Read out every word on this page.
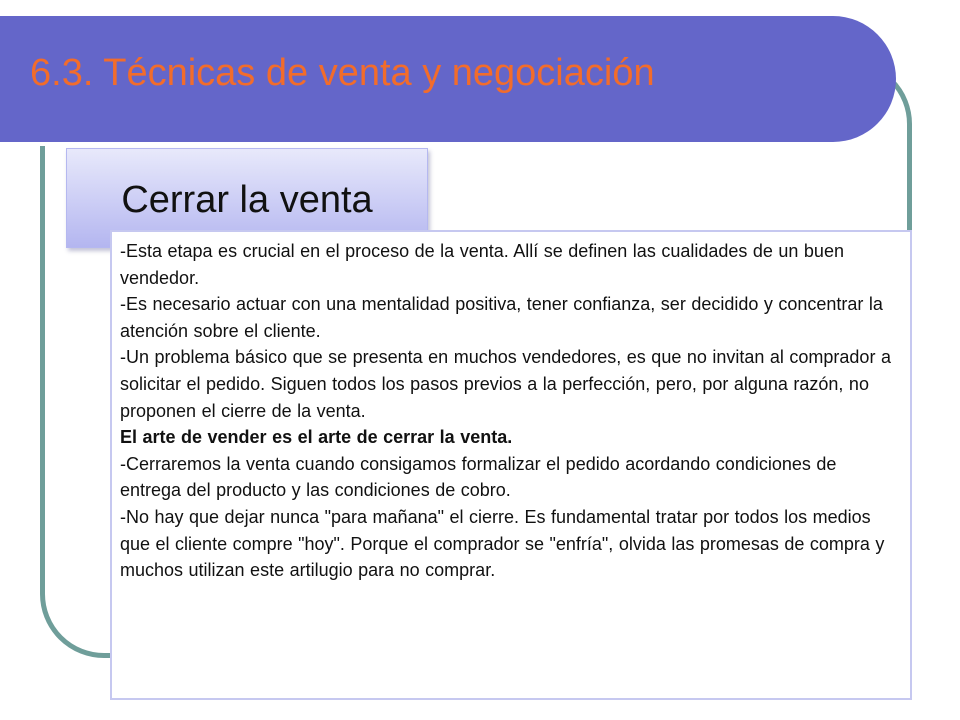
6.3. Técnicas de venta y negociación
Cerrar la venta

-Esta etapa es crucial en el proceso de la venta. Allí se definen las cualidades de un buen vendedor.

-Es necesario actuar con una mentalidad positiva, tener confianza, ser decidido y concentrar la atención sobre el cliente.

-Un problema básico que se presenta en muchos vendedores, es que no invitan al comprador a solicitar el pedido. Siguen todos los pasos previos a la perfección, pero, por alguna razón, no proponen el cierre de la venta.

El arte de vender es el arte de cerrar la venta.

-Cerraremos la venta cuando consigamos formalizar el pedido acordando condiciones de entrega del producto y las condiciones de cobro.

-No hay que dejar nunca "para mañana" el cierre. Es fundamental tratar por todos los medios que el cliente compre "hoy". Porque el comprador se "enfría", olvida las promesas de compra y muchos utilizan este artilugio para no comprar.
